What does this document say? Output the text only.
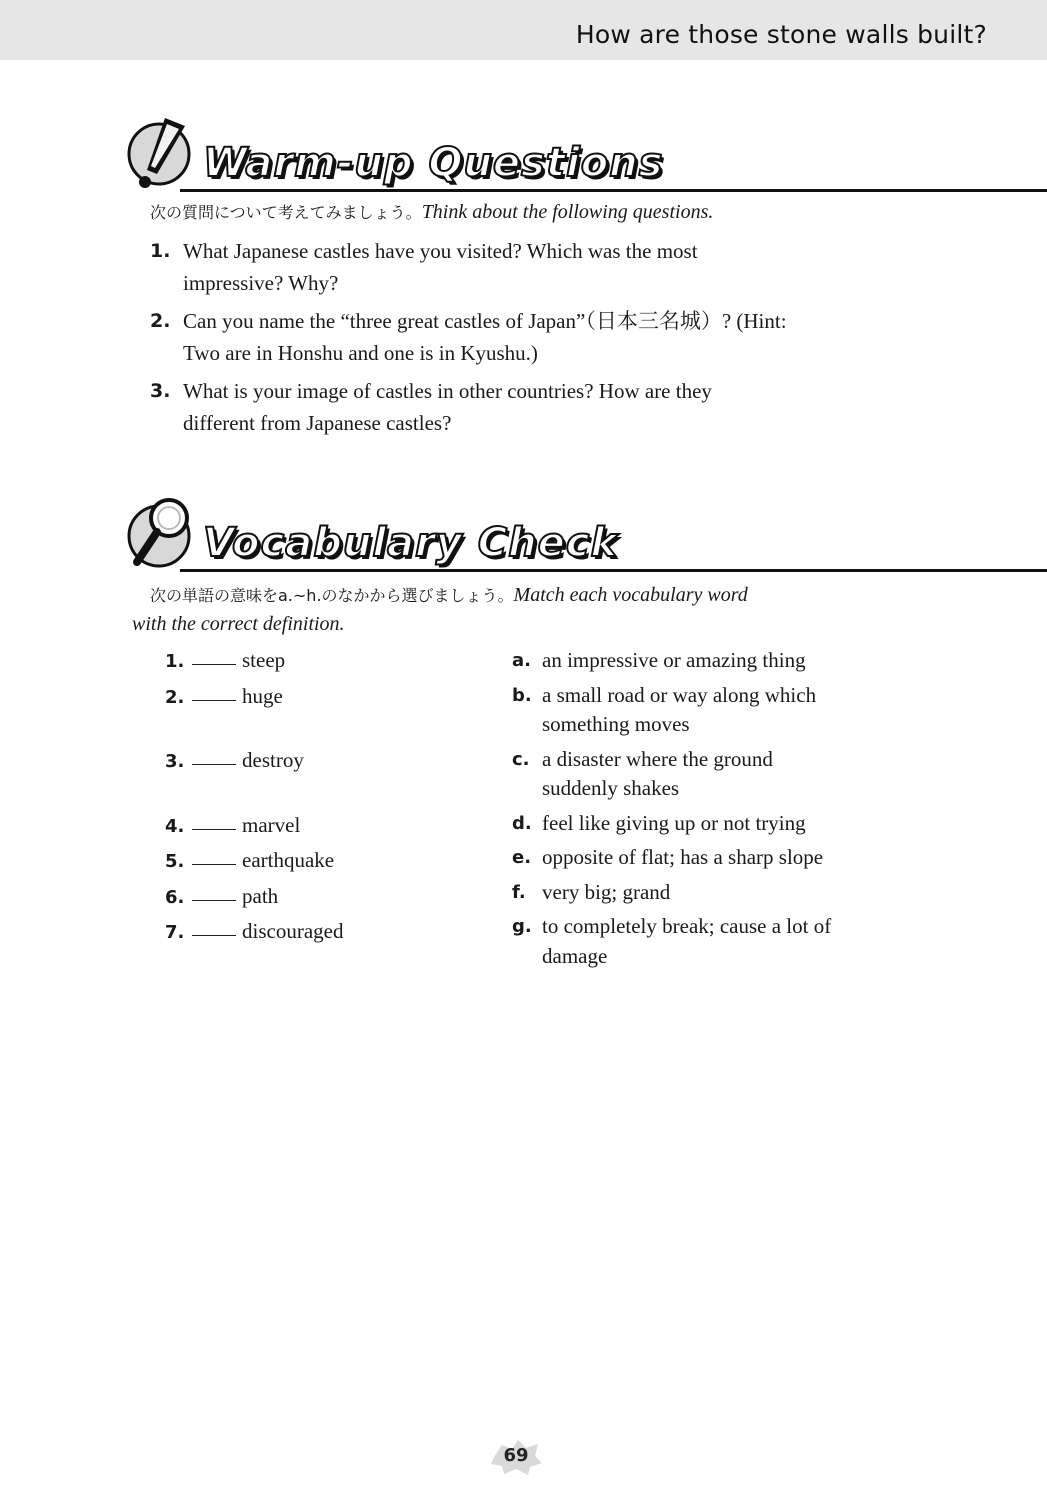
How are those stone walls built?
Warm-up Questions
次の質問について考えてみましょう。Think about the following questions.
1. What Japanese castles have you visited? Which was the most
impressive? Why?
2. Can you name the “three great castles of Japan”（日本三名城）? (Hint:
Two are in Honshu and one is in Kyushu.)
3. What is your image of castles in other countries? How are they
different from Japanese castles?
Vocabulary Check
次の単語の意味をa.~h.のなかから選びましょう。Match each vocabulary word
with the correct definition.
1.	steep
2.	huge
3.	destroy
4.	marvel
5.	earthquake
6.	path
7.	discouraged
a. an impressive or amazing thing
b. a small road or way along which
something moves
c. a disaster where the ground
suddenly shakes
d. feel like giving up or not trying
e. opposite of flat; has a sharp slope
f. very big; grand
g. to completely break; cause a lot of
damage
69
